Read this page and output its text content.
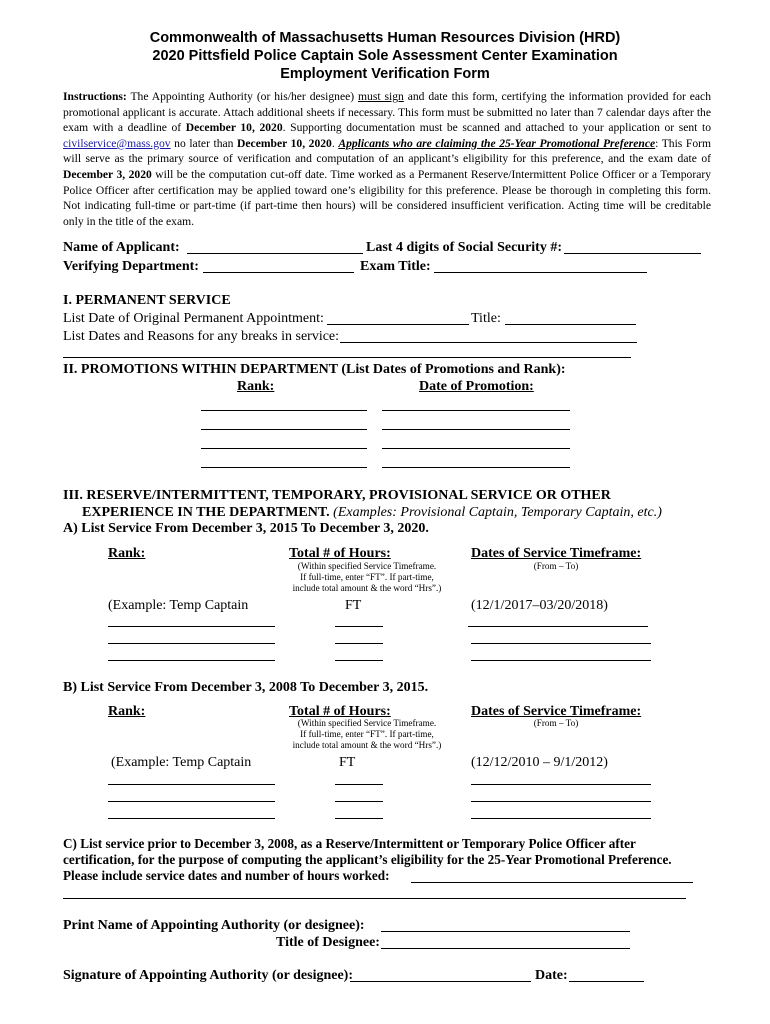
Commonwealth of Massachusetts Human Resources Division (HRD)
2020 Pittsfield Police Captain Sole Assessment Center Examination
Employment Verification Form
Instructions: The Appointing Authority (or his/her designee) must sign and date this form, certifying the information provided for each promotional applicant is accurate. Attach additional sheets if necessary. This form must be submitted no later than 7 calendar days after the exam with a deadline of December 10, 2020. Supporting documentation must be scanned and attached to your application or sent to civilservice@mass.gov no later than December 10, 2020. Applicants who are claiming the 25-Year Promotional Preference: This Form will serve as the primary source of verification and computation of an applicant’s eligibility for this preference, and the exam date of December 3, 2020 will be the computation cut-off date. Time worked as a Permanent Reserve/Intermittent Police Officer or a Temporary Police Officer after certification may be applied toward one’s eligibility for this preference. Please be thorough in completing this form. Not indicating full-time or part-time (if part-time then hours) will be considered insufficient verification. Acting time will be creditable only in the title of the exam.
Name of Applicant:	Last 4 digits of Social Security #:
Verifying Department:	Exam Title:
I. PERMANENT SERVICE
List Date of Original Permanent Appointment:	Title:
List Dates and Reasons for any breaks in service:
II. PROMOTIONS WITHIN DEPARTMENT (List Dates of Promotions and Rank):
Rank:	Date of Promotion:
III. RESERVE/INTERMITTENT, TEMPORARY, PROVISIONAL SERVICE OR OTHER
EXPERIENCE IN THE DEPARTMENT. (Examples: Provisional Captain, Temporary Captain, etc.)
A) List Service From December 3, 2015 To December 3, 2020.
Rank:	Total # of Hours:	Dates of Service Timeframe:
(Within specified Service Timeframe.
If full-time, enter “FT”. If part-time,
include total amount & the word “Hrs”.)
(From – To)
(Example: Temp Captain	FT	(12/1/2017–03/20/2018)
B) List Service From December 3, 2008 To December 3, 2015.
Rank:	Total # of Hours:	Dates of Service Timeframe:
(Within specified Service Timeframe.
If full-time, enter “FT”. If part-time,
include total amount & the word “Hrs”.)
(From – To)
(Example: Temp Captain	FT	(12/12/2010 – 9/1/2012)
C) List service prior to December 3, 2008, as a Reserve/Intermittent or Temporary Police Officer after
certification, for the purpose of computing the applicant’s eligibility for the 25-Year Promotional Preference.
Please include service dates and number of hours worked:
Print Name of Appointing Authority (or designee):
Title of Designee:
Signature of Appointing Authority (or designee):	Date:
